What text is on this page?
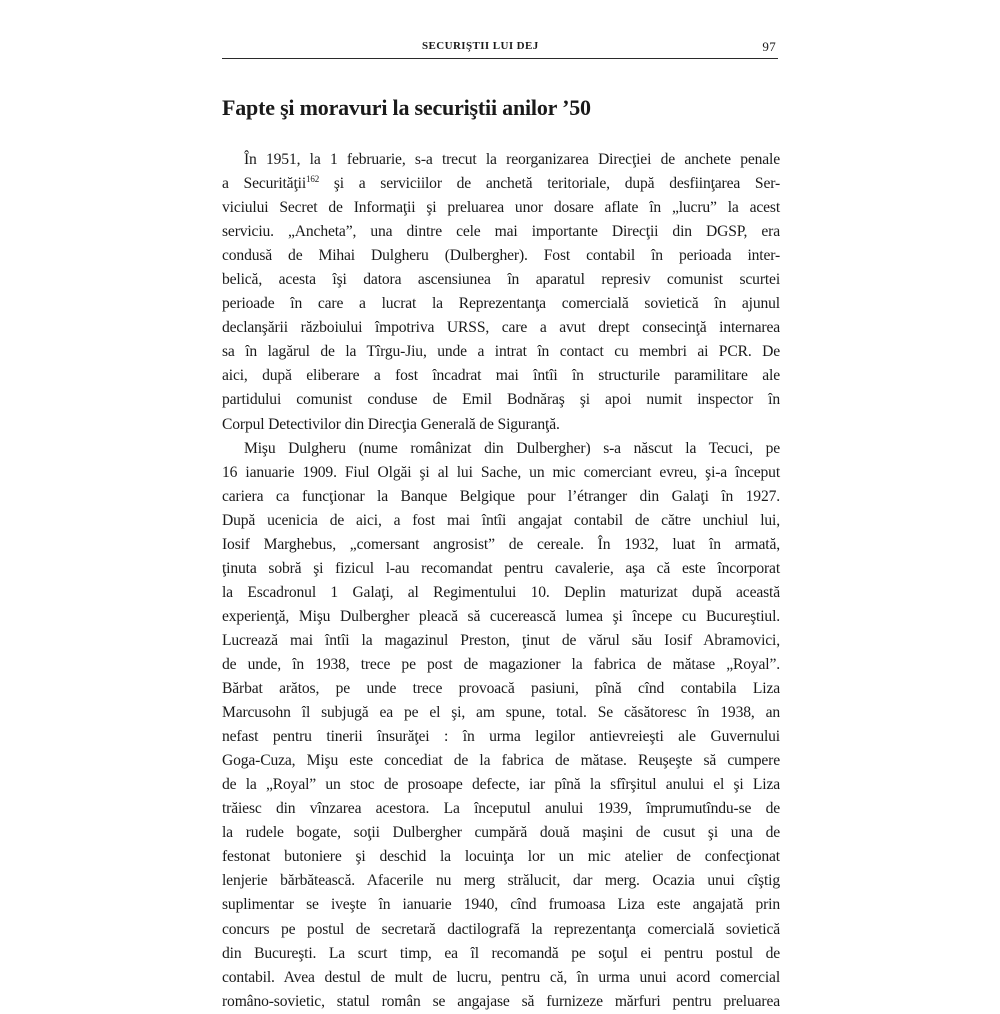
SECURIŞTII LUI DEJ	97
Fapte şi moravuri la securiştii anilor ’50
În 1951, la 1 februarie, s-a trecut la reorganizarea Direcţiei de anchete penale
a Securităţii$^{162}$ şi a serviciilor de anchetă teritoriale, după desfiinţarea Ser-
viciului Secret de Informaţii şi preluarea unor dosare aflate în „lucru” la acest
serviciu. „Ancheta”, una dintre cele mai importante Direcţii din DGSP, era
condusă de Mihai Dulgheru (Dulbergher). Fost contabil în perioada inter-
belică, acesta îşi datora ascensiunea în aparatul represiv comunist scurtei
perioade în care a lucrat la Reprezentanţa comercială sovietică în ajunul
declanşării războiului împotriva URSS, care a avut drept consecinţă internarea
sa în lagărul de la Tîrgu-Jiu, unde a intrat în contact cu membri ai PCR. De
aici, după eliberare a fost încadrat mai întîi în structurile paramilitare ale
partidului comunist conduse de Emil Bodnăraş şi apoi numit inspector în
Corpul Detectivilor din Direcţia Generală de Siguranţă.
Mişu Dulgheru (nume românizat din Dulbergher) s-a născut la Tecuci, pe
16 ianuarie 1909. Fiul Olgăi şi al lui Sache, un mic comerciant evreu, şi-a început
cariera ca funcţionar la Banque Belgique pour l’étranger din Galaţi în 1927.
După ucenicia de aici, a fost mai întîi angajat contabil de către unchiul lui,
Iosif Marghebus, „comersant angrosist” de cereale. În 1932, luat în armată,
ţinuta sobră şi fizicul l-au recomandat pentru cavalerie, aşa că este încorporat
la Escadronul 1 Galaţi, al Regimentului 10. Deplin maturizat după această
experienţă, Mişu Dulbergher pleacă să cucerească lumea şi începe cu Bucureştiul.
Lucrează mai întîi la magazinul Preston, ţinut de vărul său Iosif Abramovici,
de unde, în 1938, trece pe post de magazioner la fabrica de mătase „Royal”.
Bărbat arătos, pe unde trece provoacă pasiuni, pînă cînd contabila Liza
Marcusohn îl subjugă ea pe el şi, am spune, total. Se căsătoresc în 1938, an
nefast pentru tinerii însurăţei : în urma legilor antievreieşti ale Guvernului
Goga-Cuza, Mişu este concediat de la fabrica de mătase. Reuşeşte să cumpere
de la „Royal” un stoc de prosoape defecte, iar pînă la sfîrşitul anului el şi Liza
trăiesc din vînzarea acestora. La începutul anului 1939, împrumutîndu-se de
la rudele bogate, soţii Dulbergher cumpără două maşini de cusut şi una de
festonat butoniere şi deschid la locuinţa lor un mic atelier de confecţionat
lenjerie bărbătească. Afacerile nu merg strălucit, dar merg. Ocazia unui cîştig
suplimentar se iveşte în ianuarie 1940, cînd frumoasa Liza este angajată prin
concurs pe postul de secretară dactilografă la reprezentanţa comercială sovietică
din Bucureşti. La scurt timp, ea îl recomandă pe soţul ei pentru postul de
contabil. Avea destul de mult de lucru, pentru că, în urma unui acord comercial
româno-sovietic, statul român se angajase să furnizeze mărfuri pentru preluarea
